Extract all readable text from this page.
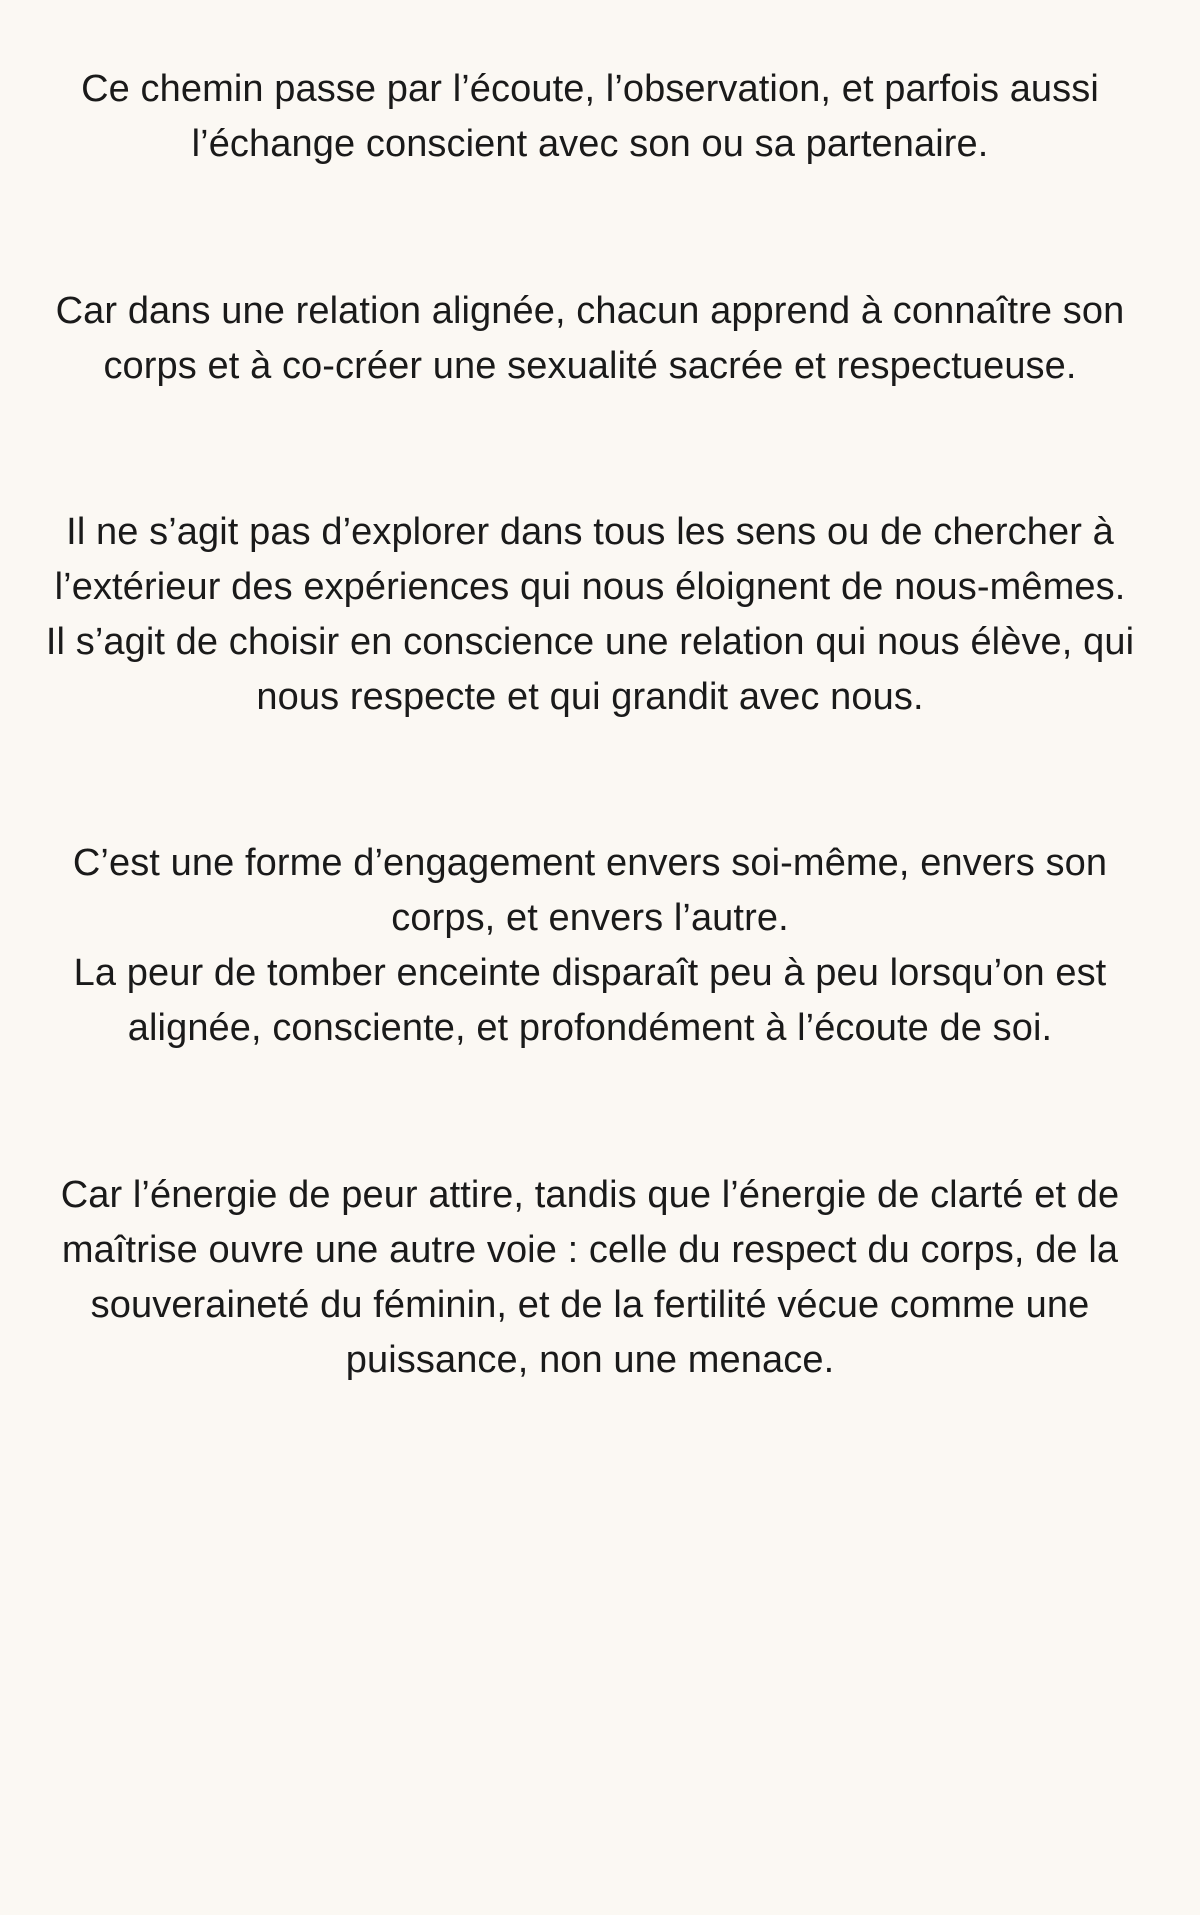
Ce chemin passe par l’écoute, l’observation, et parfois aussi
l’échange conscient avec son ou sa partenaire.
Car dans une relation alignée, chacun apprend à connaître son
corps et à co-créer une sexualité sacrée et respectueuse.
Il ne s’agit pas d’explorer dans tous les sens ou de chercher à
l’extérieur des expériences qui nous éloignent de nous-mêmes.
Il s’agit de choisir en conscience une relation qui nous élève, qui
nous respecte et qui grandit avec nous.
C’est une forme d’engagement envers soi-même, envers son
corps, et envers l’autre.
La peur de tomber enceinte disparaît peu à peu lorsqu’on est
alignée, consciente, et profondément à l’écoute de soi.
Car l’énergie de peur attire, tandis que l’énergie de clarté et de
maîtrise ouvre une autre voie : celle du respect du corps, de la
souveraineté du féminin, et de la fertilité vécue comme une
puissance, non une menace.
